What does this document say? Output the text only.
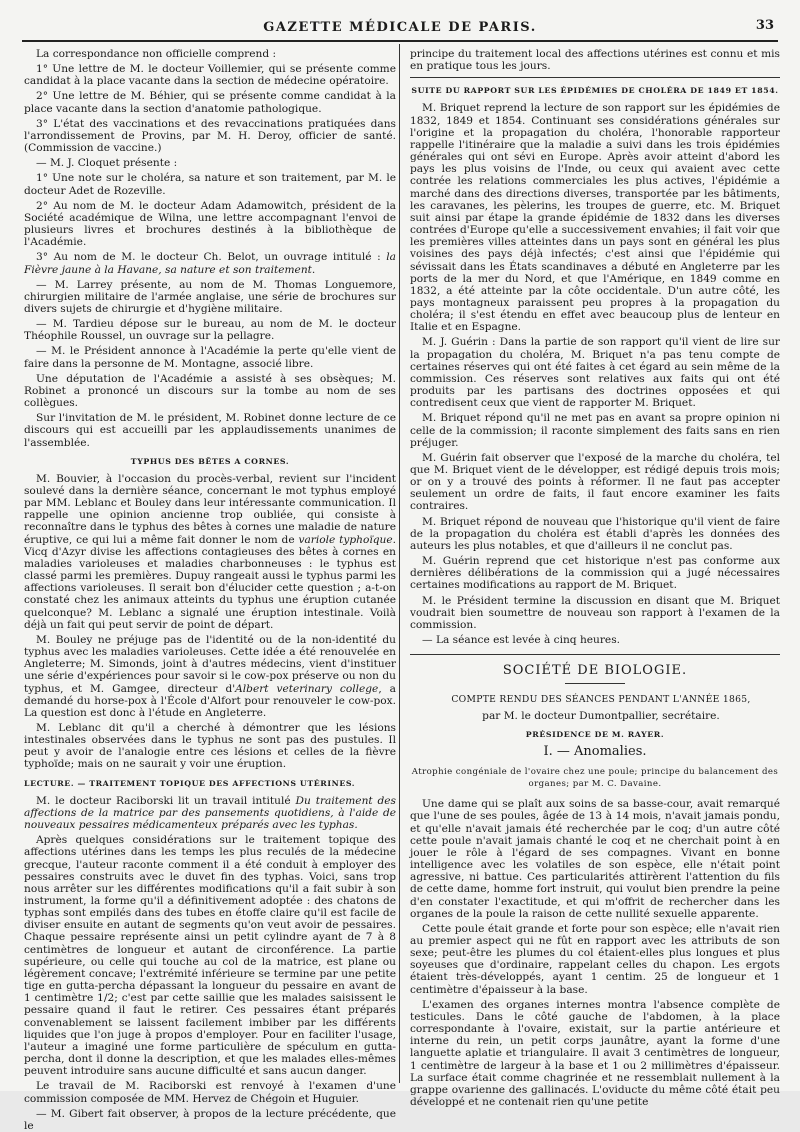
GAZETTE MÉDICALE DE PARIS.	33

La correspondance non officielle comprend :

1° Une lettre de M. le docteur Voillemier, qui se présente comme candidat à la place vacante dans la section de médecine opératoire.

2° Une lettre de M. Béhier, qui se présente comme candidat à la place vacante dans la section d'anatomie pathologique.

3° L'état des vaccinations et des revaccinations pratiquées dans l'arrondissement de Provins, par M. H. Deroy, officier de santé. (Commission de vaccine.)

— M. J. Cloquet présente :

1° Une note sur le choléra, sa nature et son traitement, par M. le docteur Adet de Rozeville.

2° Au nom de M. le docteur Adam Adamowitch, président de la Société académique de Wilna, une lettre accompagnant l'envoi de plusieurs livres et brochures destinés à la bibliothèque de l'Académie.

3° Au nom de M. le docteur Ch. Belot, un ouvrage intitulé : la Fièvre jaune à la Havane, sa nature et son traitement.

— M. Larrey présente, au nom de M. Thomas Longuemore, chirurgien militaire de l'armée anglaise, une série de brochures sur divers sujets de chirurgie et d'hygiène militaire.

— M. Tardieu dépose sur le bureau, au nom de M. le docteur Théophile Roussel, un ouvrage sur la pellagre.

— M. le Président annonce à l'Académie la perte qu'elle vient de faire dans la personne de M. Montagne, associé libre.

Une députation de l'Académie a assisté à ses obsèques; M. Robinet a prononcé un discours sur la tombe au nom de ses collègues.

Sur l'invitation de M. le président, M. Robinet donne lecture de ce discours qui est accueilli par les applaudissements unanimes de l'assemblée.

TYPHUS DES BÊTES A CORNES.

M. Bouvier, à l'occasion du procès-verbal, revient sur l'incident soulevé dans la dernière séance, concernant le mot typhus employé par MM. Leblanc et Bouley dans leur intéressante communication. Il rappelle une opinion ancienne trop oubliée, qui consiste à reconnaître dans le typhus des bêtes à cornes une maladie de nature éruptive, ce qui lui a même fait donner le nom de variole typhoïque. Vicq d'Azyr divise les affections contagieuses des bêtes à cornes en maladies varioleuses et maladies charbonneuses : le typhus est classé parmi les premières. Dupuy rangeait aussi le typhus parmi les affections varioleuses. Il serait bon d'élucider cette question ; a-t-on constaté chez les animaux atteints du typhus une éruption cutanée quelconque? M. Leblanc a signalé une éruption intestinale. Voilà déjà un fait qui peut servir de point de départ.

M. Bouley ne préjuge pas de l'identité ou de la non-identité du typhus avec les maladies varioleuses. Cette idée a été renouvelée en Angleterre; M. Simonds, joint à d'autres médecins, vient d'instituer une série d'expériences pour savoir si le cow-pox préserve ou non du typhus, et M. Gamgee, directeur d'Albert veterinary college, a demandé du horse-pox à l'École d'Alfort pour renouveler le cow-pox. La question est donc à l'étude en Angleterre.

M. Leblanc dit qu'il a cherché à démontrer que les lésions intestinales observées dans le typhus ne sont pas des pustules. Il peut y avoir de l'analogie entre ces lésions et celles de la fièvre typhoïde; mais on ne saurait y voir une éruption.

LECTURE. — TRAITEMENT TOPIQUE DES AFFECTIONS UTÉRINES.

M. le docteur Raciborski lit un travail intitulé Du traitement des affections de la matrice par des pansements quotidiens, à l'aide de nouveaux pessaires médicamenteux préparés avec les typhas.

Après quelques considérations sur le traitement topique des affections utérines dans les temps les plus reculés de la médecine grecque, l'auteur raconte comment il a été conduit à employer des pessaires construits avec le duvet fin des typhas. Voici, sans trop nous arrêter sur les différentes modifications qu'il a fait subir à son instrument, la forme qu'il a définitivement adoptée : des chatons de typhas sont empilés dans des tubes en étoffe claire qu'il est facile de diviser ensuite en autant de segments qu'on veut avoir de pessaires. Chaque pessaire représente ainsi un petit cylindre ayant de 7 à 8 centimètres de longueur et autant de circonférence. La partie supérieure, ou celle qui touche au col de la matrice, est plane ou légèrement concave; l'extrémité inférieure se termine par une petite tige en gutta-percha dépassant la longueur du pessaire en avant de 1 centimètre 1/2; c'est par cette saillie que les malades saisissent le pessaire quand il faut le retirer. Ces pessaires étant préparés convenablement se laissent facilement imbiber par les différents liquides que l'on juge à propos d'employer. Pour en faciliter l'usage, l'auteur a imaginé une forme particulière de spéculum en gutta-percha, dont il donne la description, et que les malades elles-mêmes peuvent introduire sans aucune difficulté et sans aucun danger.

Le travail de M. Raciborski est renvoyé à l'examen d'une commission composée de MM. Hervez de Chégoin et Huguier.

— M. Gibert fait observer, à propos de la lecture précédente, que le

principe du traitement local des affections utérines est connu et mis en pratique tous les jours.

SUITE DU RAPPORT SUR LES ÉPIDÉMIES DE CHOLÉRA DE 1849 ET 1854.

M. Briquet reprend la lecture de son rapport sur les épidémies de 1832, 1849 et 1854. Continuant ses considérations générales sur l'origine et la propagation du choléra, l'honorable rapporteur rappelle l'itinéraire que la maladie a suivi dans les trois épidémies générales qui ont sévi en Europe. Après avoir atteint d'abord les pays les plus voisins de l'Inde, ou ceux qui avaient avec cette contrée les relations commerciales les plus actives, l'épidémie a marché dans des directions diverses, transportée par les bâtiments, les caravanes, les pèlerins, les troupes de guerre, etc. M. Briquet suit ainsi par étape la grande épidémie de 1832 dans les diverses contrées d'Europe qu'elle a successivement envahies; il fait voir que les premières villes atteintes dans un pays sont en général les plus voisines des pays déjà infectés; c'est ainsi que l'épidémie qui sévissait dans les États scandinaves a débuté en Angleterre par les ports de la mer du Nord, et que l'Amérique, en 1849 comme en 1832, a été atteinte par la côte occidentale. D'un autre côté, les pays montagneux paraissent peu propres à la propagation du choléra; il s'est étendu en effet avec beaucoup plus de lenteur en Italie et en Espagne.

M. J. Guérin : Dans la partie de son rapport qu'il vient de lire sur la propagation du choléra, M. Briquet n'a pas tenu compte de certaines réserves qui ont été faites à cet égard au sein même de la commission. Ces réserves sont relatives aux faits qui ont été produits par les partisans des doctrines opposées et qui contredisent ceux que vient de rapporter M. Briquet.

M. Briquet répond qu'il ne met pas en avant sa propre opinion ni celle de la commission; il raconte simplement des faits sans en rien préjuger.

M. Guérin fait observer que l'exposé de la marche du choléra, tel que M. Briquet vient de le développer, est rédigé depuis trois mois; or on y a trouvé des points à réformer. Il ne faut pas accepter seulement un ordre de faits, il faut encore examiner les faits contraires.

M. Briquet répond de nouveau que l'historique qu'il vient de faire de la propagation du choléra est établi d'après les données des auteurs les plus notables, et que d'ailleurs il ne conclut pas.

M. Guérin reprend que cet historique n'est pas conforme aux dernières délibérations de la commission qui a jugé nécessaires certaines modifications au rapport de M. Briquet.

M. le Président termine la discussion en disant que M. Briquet voudrait bien soumettre de nouveau son rapport à l'examen de la commission.

— La séance est levée à cinq heures.

SOCIÉTÉ DE BIOLOGIE.

COMPTE RENDU DES SÉANCES PENDANT L'ANNÉE 1865,

par M. le docteur Dumontpallier, secrétaire.

PRÉSIDENCE DE M. RAYER.
I. — Anomalies.
Atrophie congéniale de l'ovaire chez une poule; principe du balancement des organes; par M. C. Davaine.

Une dame qui se plaît aux soins de sa basse-cour, avait remarqué que l'une de ses poules, âgée de 13 à 14 mois, n'avait jamais pondu, et qu'elle n'avait jamais été recherchée par le coq; d'un autre côté cette poule n'avait jamais chanté le coq et ne cherchait point à en jouer le rôle à l'égard de ses compagnes. Vivant en bonne intelligence avec les volatiles de son espèce, elle n'était point agressive, ni battue. Ces particularités attirèrent l'attention du fils de cette dame, homme fort instruit, qui voulut bien prendre la peine d'en constater l'exactitude, et qui m'offrit de rechercher dans les organes de la poule la raison de cette nullité sexuelle apparente.

Cette poule était grande et forte pour son espèce; elle n'avait rien au premier aspect qui ne fût en rapport avec les attributs de son sexe; peut-être les plumes du col étaient-elles plus longues et plus soyeuses que d'ordinaire, rappelant celles du chapon. Les ergots étaient très-développés, ayant 1 centim. 25 de longueur et 1 centimètre d'épaisseur à la base.

L'examen des organes internes montra l'absence complète de testicules. Dans le côté gauche de l'abdomen, à la place correspondante à l'ovaire, existait, sur la partie antérieure et interne du rein, un petit corps jaunâtre, ayant la forme d'une languette aplatie et triangulaire. Il avait 3 centimètres de longueur, 1 centimètre de largeur à la base et 1 ou 2 millimètres d'épaisseur. La surface était comme chagrinée et ne ressemblait nullement à la grappe ovarienne des gallinacés. L'oviducte du même côté était peu développé et ne contenait rien qu'une petite
